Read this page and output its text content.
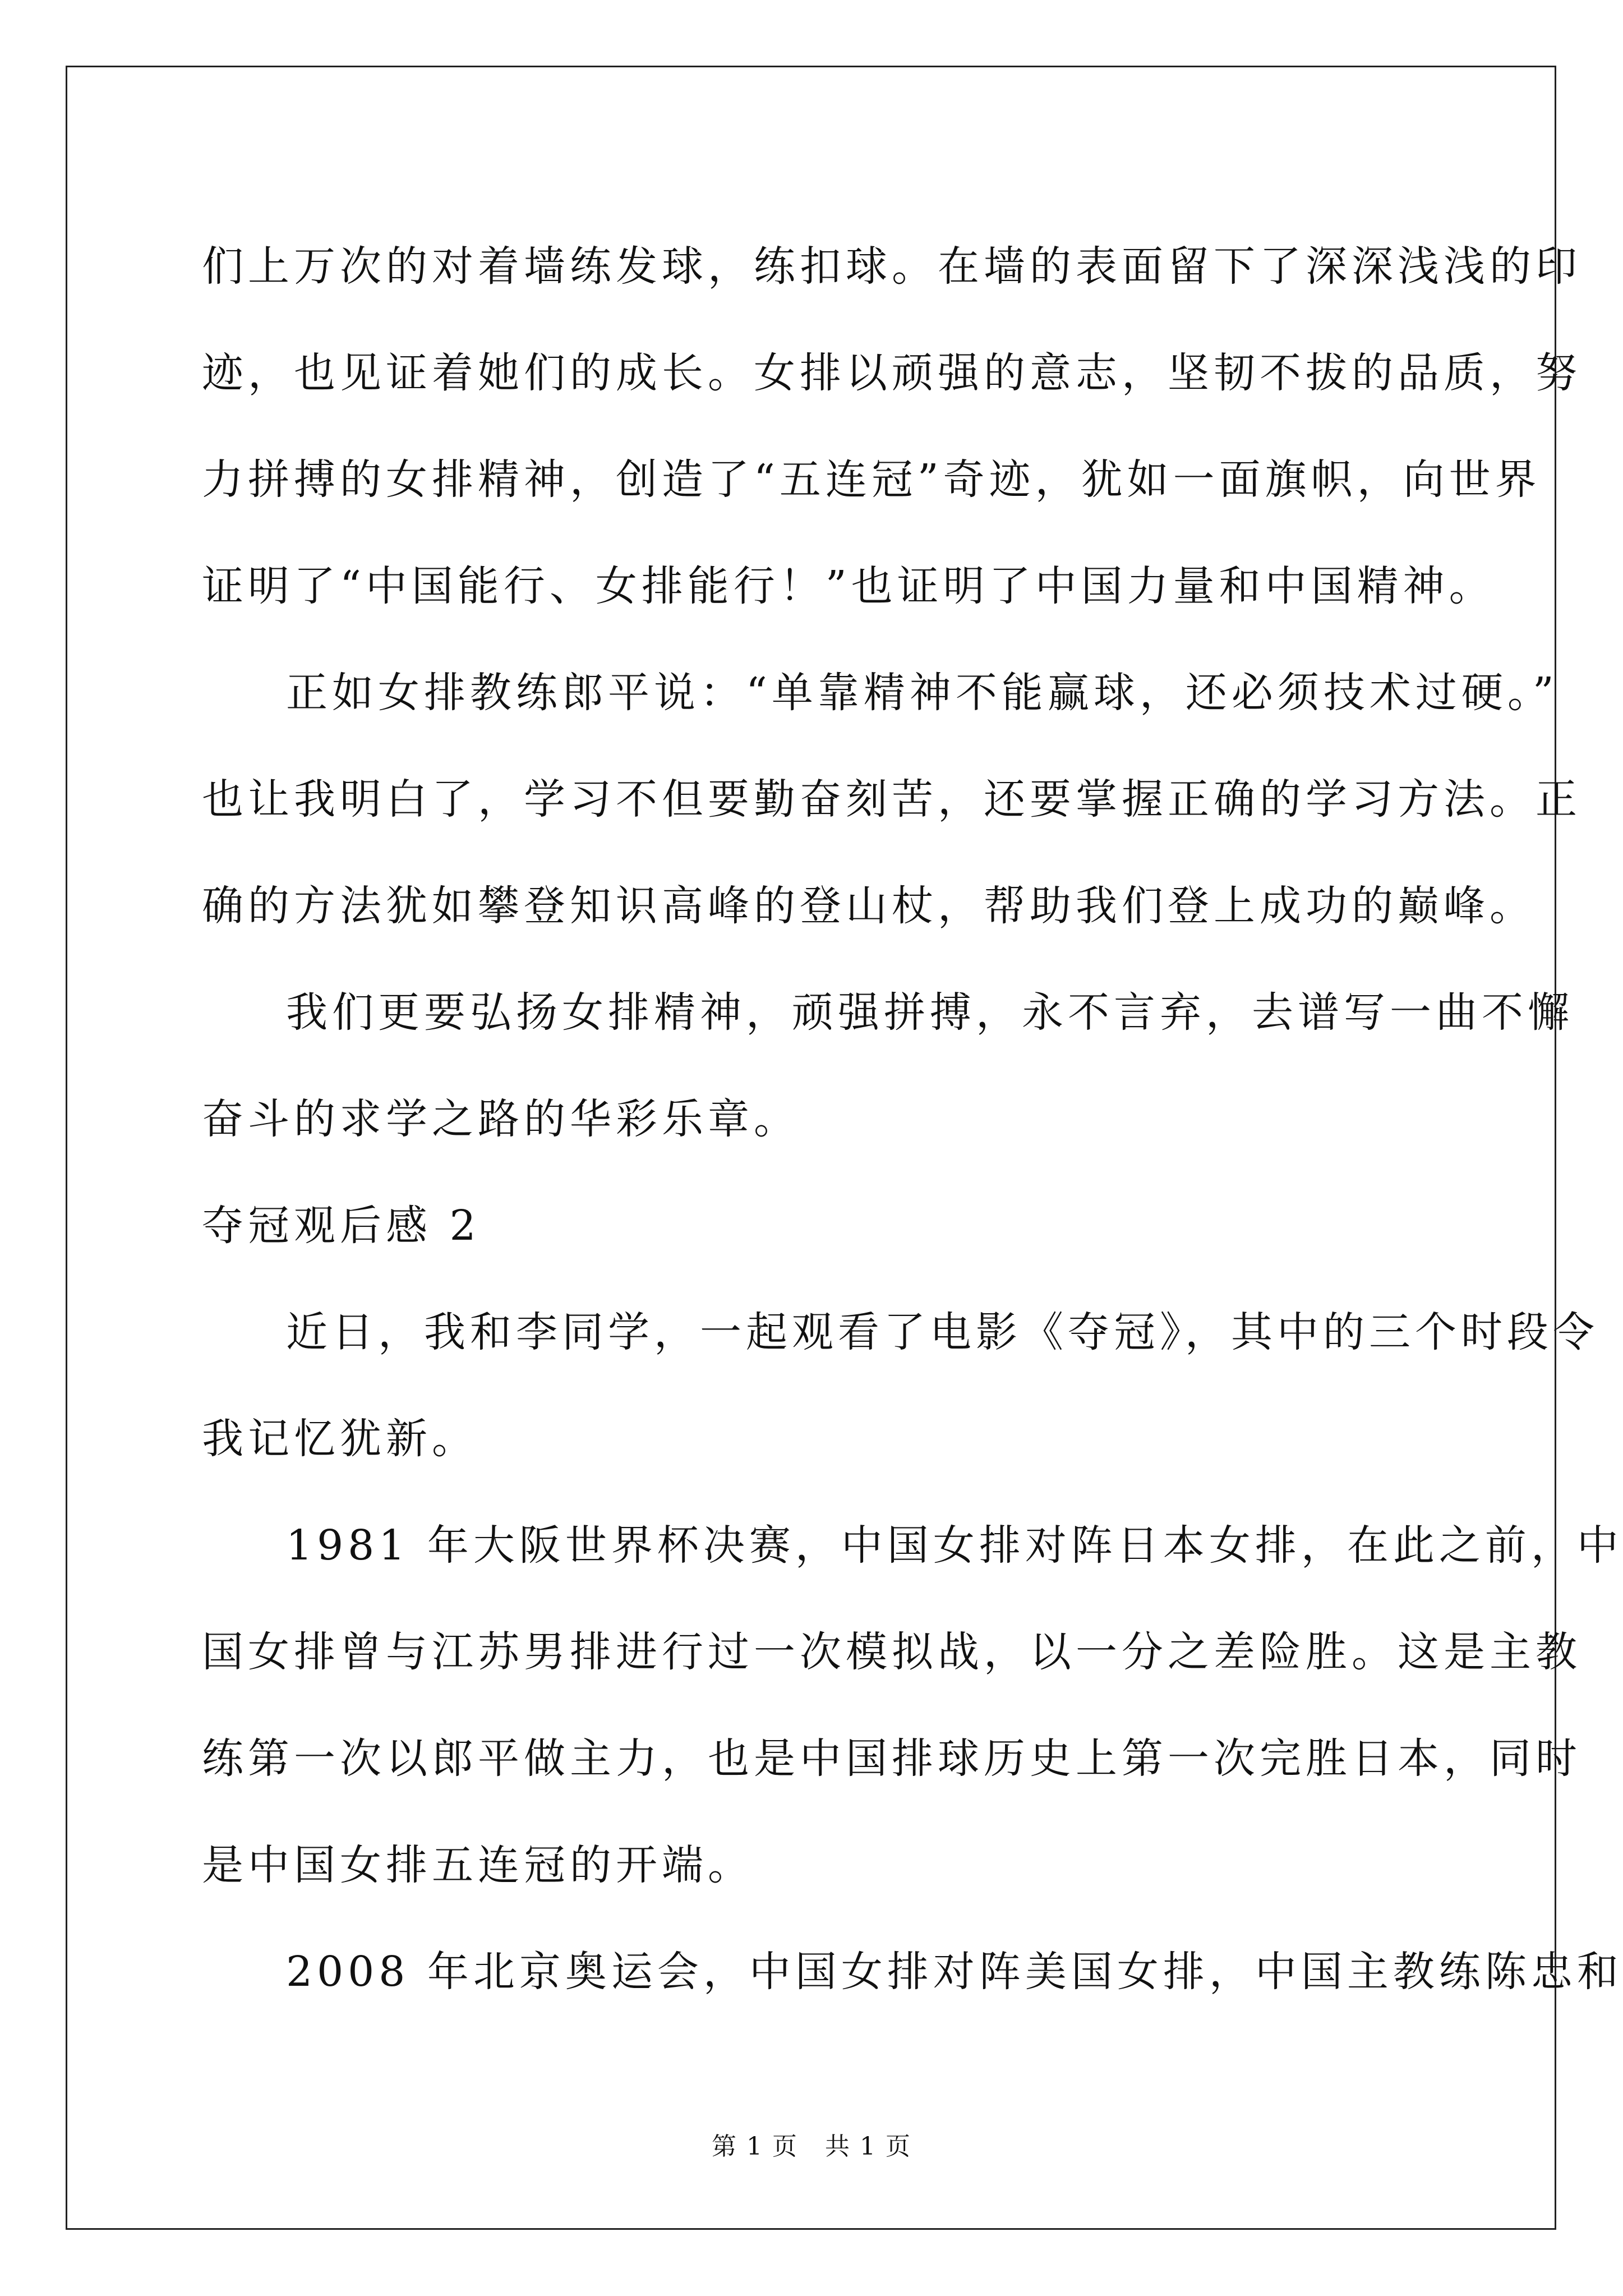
们上万次的对着墙练发球，练扣球。在墙的表面留下了深深浅浅的印
迹，也见证着她们的成长。女排以顽强的意志，坚韧不拔的品质，努
力拼搏的女排精神，创造了“五连冠”奇迹，犹如一面旗帜，向世界
证明了“中国能行、女排能行！”也证明了中国力量和中国精神。
正如女排教练郎平说：“单靠精神不能赢球，还必须技术过硬。”
也让我明白了，学习不但要勤奋刻苦，还要掌握正确的学习方法。正
确的方法犹如攀登知识高峰的登山杖，帮助我们登上成功的巅峰。
我们更要弘扬女排精神，顽强拼搏，永不言弃，去谱写一曲不懈
奋斗的求学之路的华彩乐章。
夺冠观后感 2
近日，我和李同学，一起观看了电影《夺冠》，其中的三个时段令
我记忆犹新。
1981 年大阪世界杯决赛，中国女排对阵日本女排，在此之前，中
国女排曾与江苏男排进行过一次模拟战，以一分之差险胜。这是主教
练第一次以郎平做主力，也是中国排球历史上第一次完胜日本，同时
是中国女排五连冠的开端。
2008 年北京奥运会，中国女排对阵美国女排，中国主教练陈忠和
第 1 页   共 1 页
